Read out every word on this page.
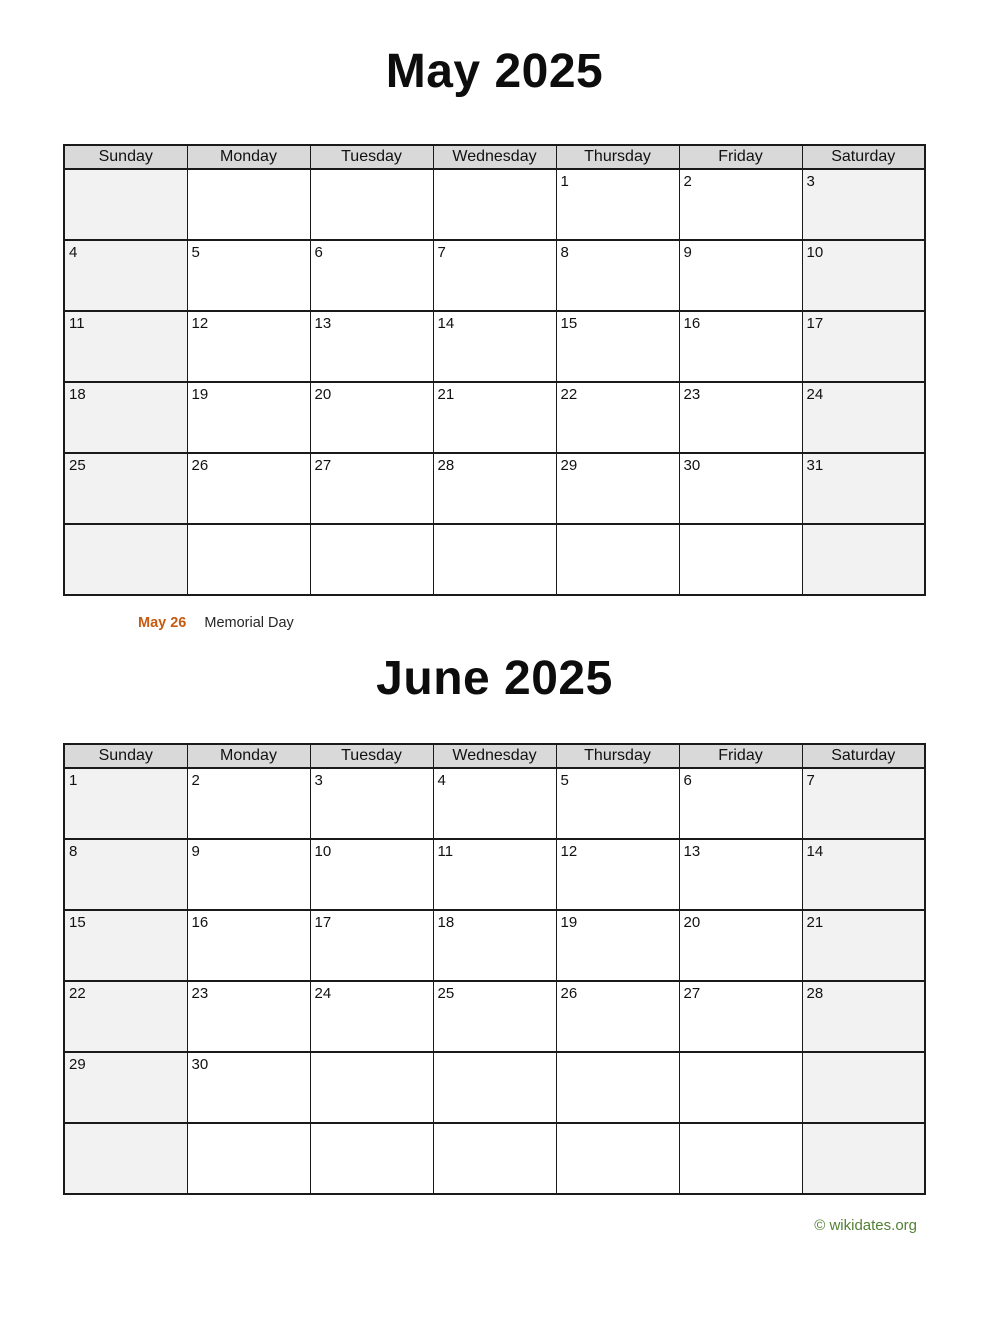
May 2025
Sunday	Monday	Tuesday	Wednesday	Thursday	Friday	Saturday
				1	2	3
4	5	6	7	8	9	10
11	12	13	14	15	16	17
18	19	20	21	22	23	24
25	26	27	28	29	30	31

May 26 Memorial Day
June 2025
Sunday	Monday	Tuesday	Wednesday	Thursday	Friday	Saturday
1	2	3	4	5	6	7
8	9	10	11	12	13	14
15	16	17	18	19	20	21
22	23	24	25	26	27	28
29	30					

© wikidates.org
